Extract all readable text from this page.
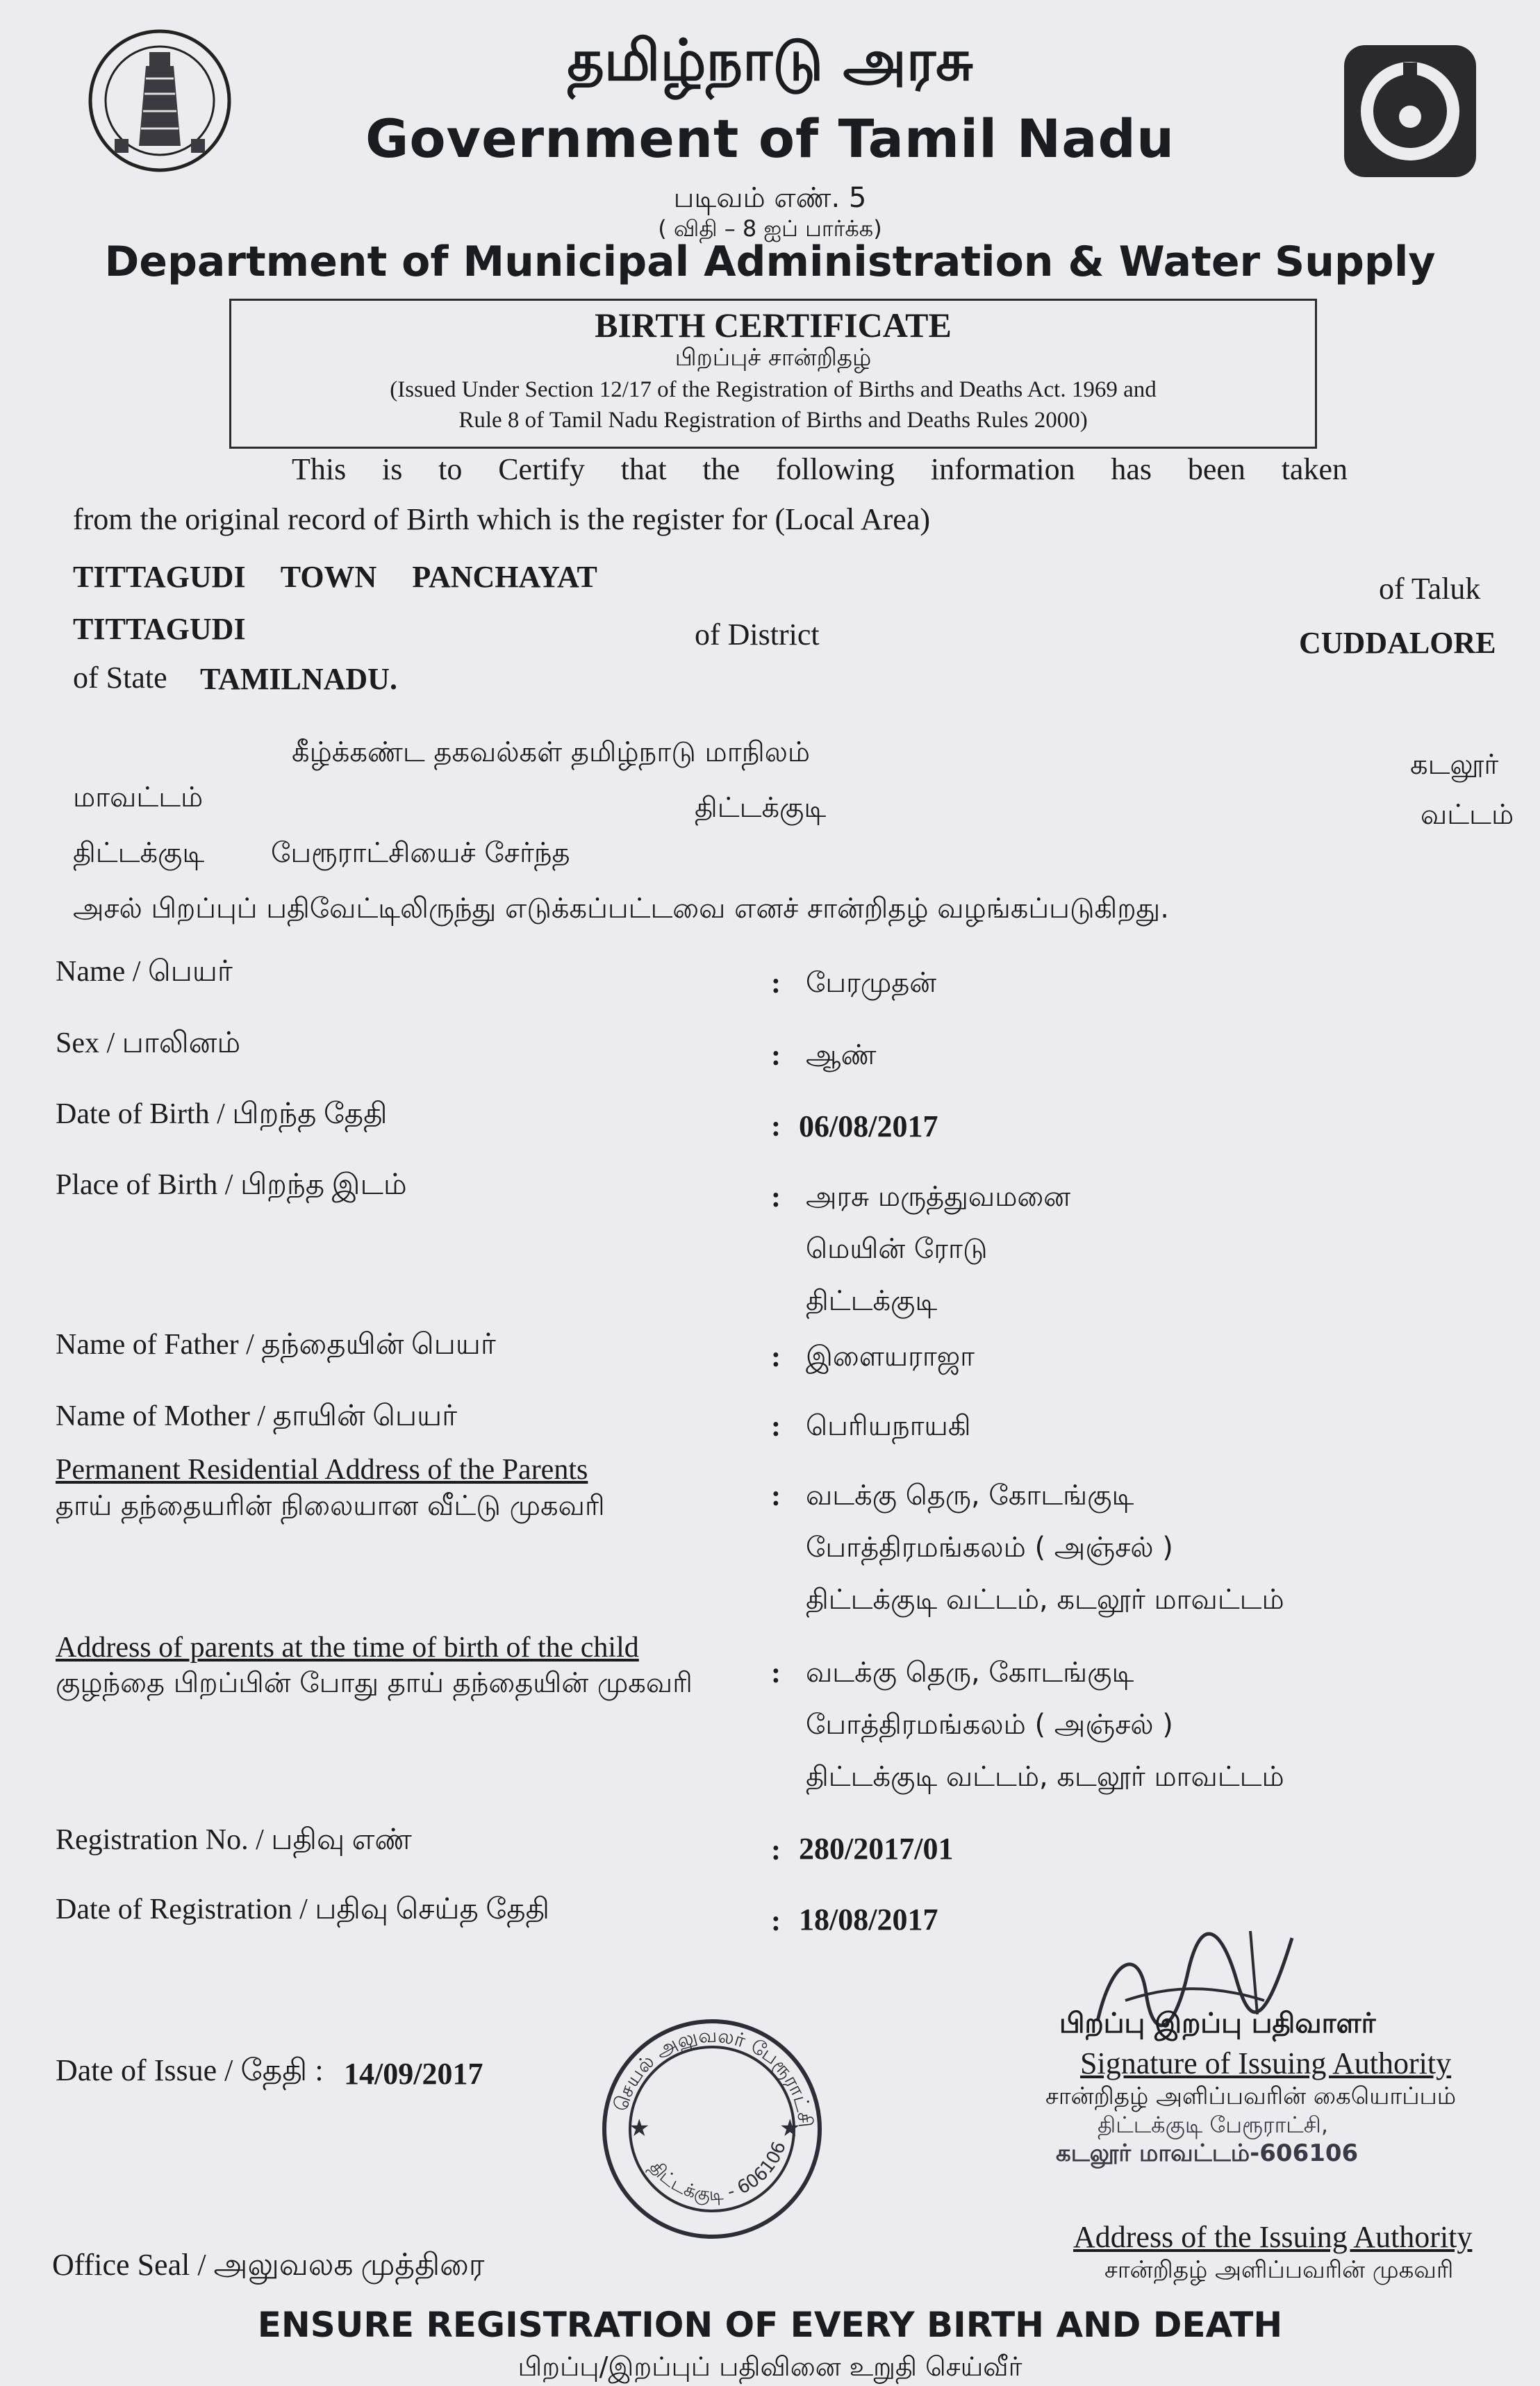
தமிழ்நாடு அரசு
Government of Tamil Nadu
படிவம் எண். 5
( விதி – 8 ஐப் பார்க்க)
Department of Municipal Administration & Water Supply
BIRTH CERTIFICATE
பிறப்புச் சான்றிதழ்
(Issued Under Section 12/17 of the Registration of Births and Deaths Act. 1969 and
Rule 8 of Tamil Nadu Registration of Births and Deaths Rules 2000)
This is to Certify that the following information has been taken
from the original record of Birth which is the register for (Local Area)
TITTAGUDI TOWN PANCHAYAT	of Taluk
TITTAGUDI	of District	CUDDALORE
of State TAMILNADU.
கீழ்க்கண்ட தகவல்கள் தமிழ்நாடு மாநிலம்	கடலூர்
மாவட்டம்	திட்டக்குடி	வட்டம்
திட்டக்குடி பேரூராட்சியைச் சேர்ந்த
அசல் பிறப்புப் பதிவேட்டிலிருந்து எடுக்கப்பட்டவை எனச் சான்றிதழ் வழங்கப்படுகிறது.
Name / பெயர்	: பேரமுதன்
Sex / பாலினம்	: ஆண்
Date of Birth / பிறந்த தேதி	: 06/08/2017
Place of Birth / பிறந்த இடம்	: அரசு மருத்துவமனை
மெயின் ரோடு
திட்டக்குடி
Name of Father / தந்தையின் பெயர்	: இளையராஜா
Name of Mother / தாயின் பெயர்	: பெரியநாயகி
Permanent Residential Address of the Parents
தாய் தந்தையரின் நிலையான வீட்டு முகவரி	: வடக்கு தெரு, கோடங்குடி
போத்திரமங்கலம் ( அஞ்சல் )
திட்டக்குடி வட்டம், கடலூர் மாவட்டம்
Address of parents at the time of birth of the child
குழந்தை பிறப்பின் போது தாய் தந்தையின் முகவரி	: வடக்கு தெரு, கோடங்குடி
போத்திரமங்கலம் ( அஞ்சல் )
திட்டக்குடி வட்டம், கடலூர் மாவட்டம்
Registration No. / பதிவு எண்	: 280/2017/01
Date of Registration / பதிவு செய்த தேதி	: 18/08/2017
Date of Issue / தேதி : 14/09/2017
செயல் அலுவலர் பேரூராட்சி
திட்டக்குடி - 606106
★	★
பிறப்பு இறப்பு பதிவாளர்
Signature of Issuing Authority
சான்றிதழ் அளிப்பவரின் கையொப்பம்
திட்டக்குடி பேரூராட்சி,
கடலூர் மாவட்டம்-606106
Office Seal / அலுவலக முத்திரை
Address of the Issuing Authority
சான்றிதழ் அளிப்பவரின் முகவரி
ENSURE REGISTRATION OF EVERY BIRTH AND DEATH
பிறப்பு/இறப்புப் பதிவினை உறுதி செய்வீர்
